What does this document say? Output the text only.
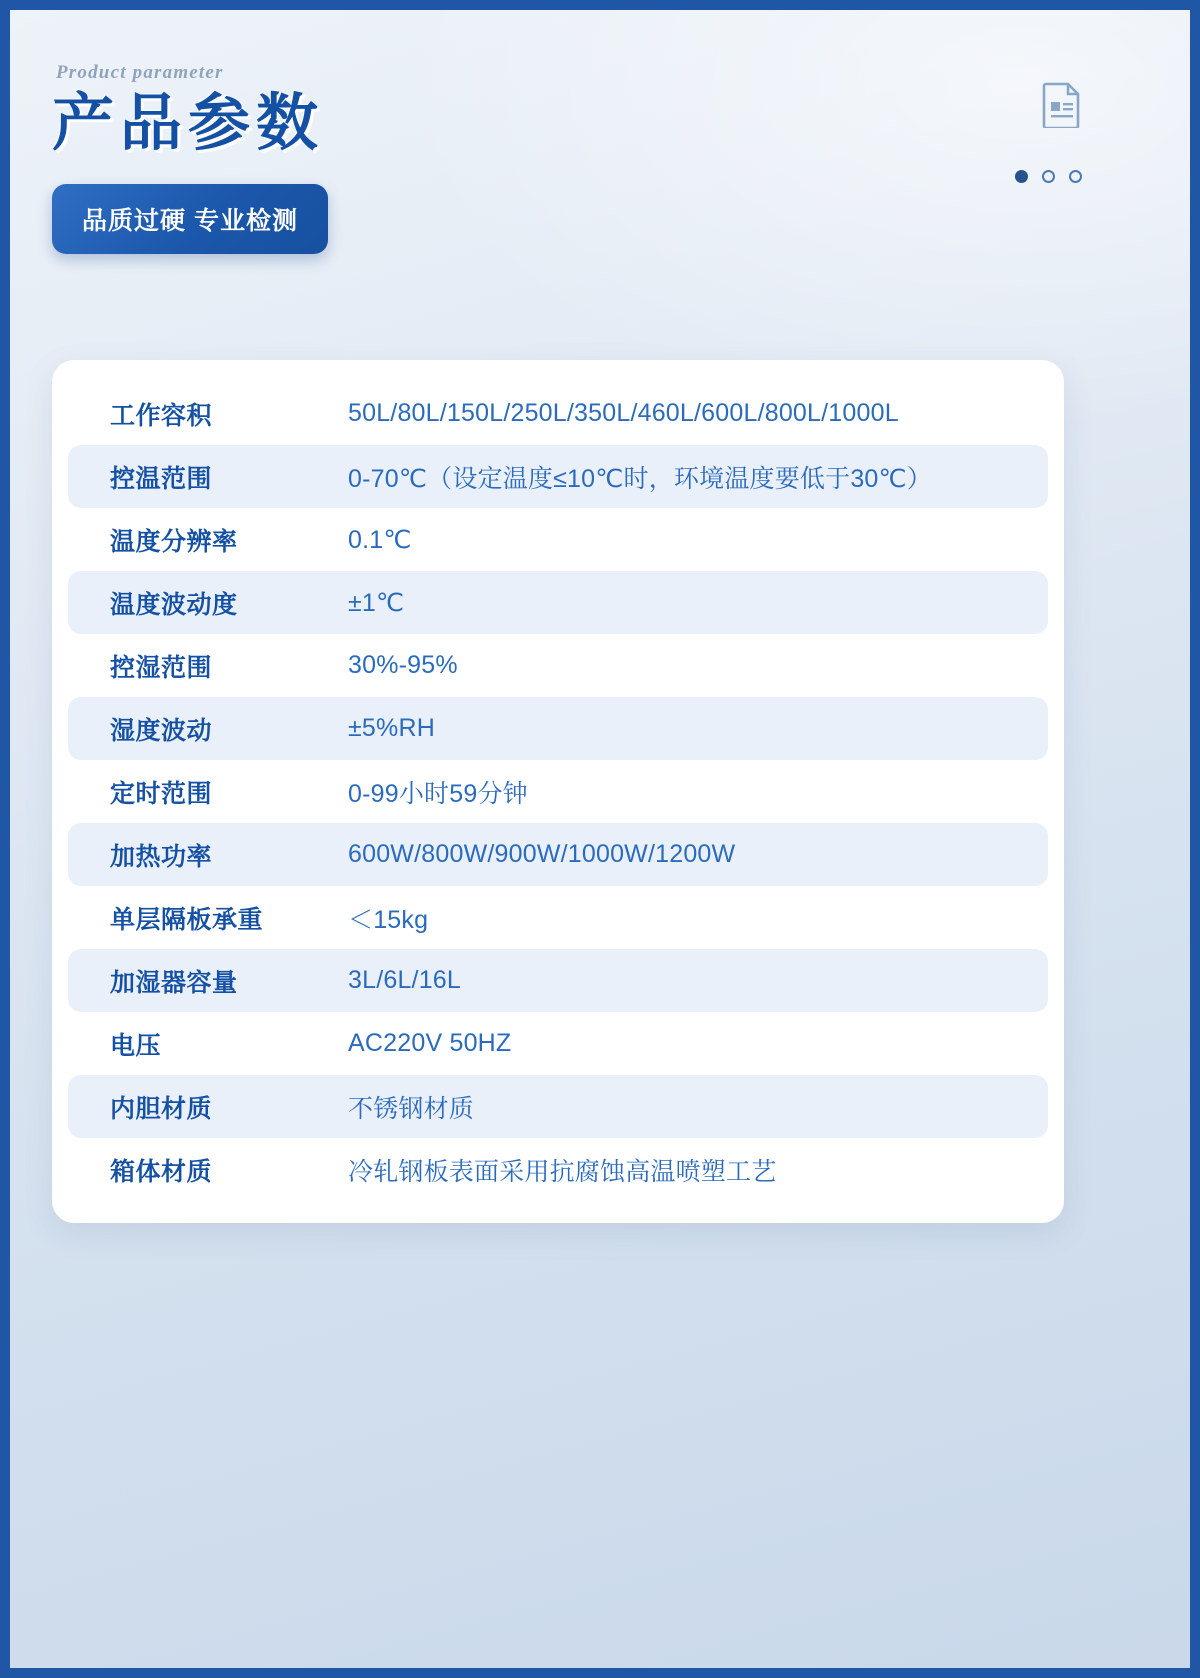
Product parameter

产品参数
品质过硬 专业检测
工作容积	50L/80L/150L/250L/350L/460L/600L/800L/1000L
控温范围	0-70℃（设定温度≤10℃时，环境温度要低于30℃）
温度分辨率	0.1℃
温度波动度	±1℃
控湿范围	30%-95%
湿度波动	±5%RH
定时范围	0-99小时59分钟
加热功率	600W/800W/900W/1000W/1200W
单层隔板承重	＜15kg
加湿器容量	3L/6L/16L
电压	AC220V 50HZ
内胆材质	不锈钢材质
箱体材质	冷轧钢板表面采用抗腐蚀高温喷塑工艺
